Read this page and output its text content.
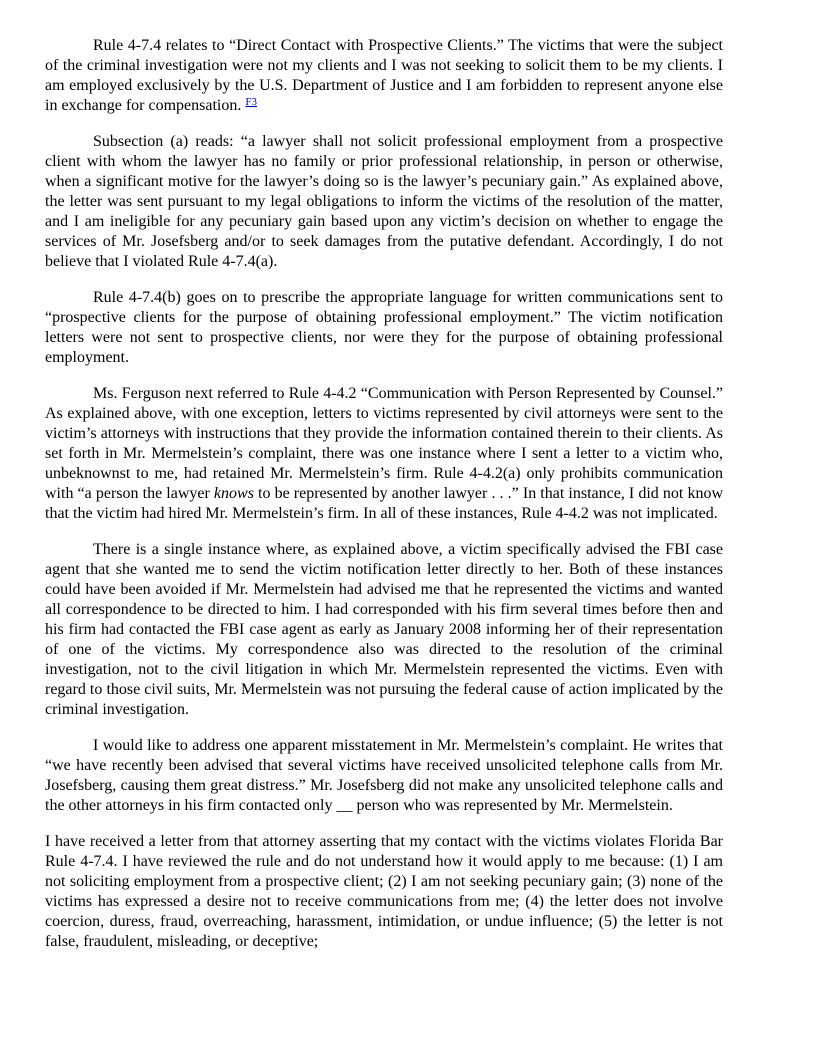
Rule 4-7.4 relates to “Direct Contact with Prospective Clients.” The victims that were the subject of the criminal investigation were not my clients and I was not seeking to solicit them to be my clients. I am employed exclusively by the U.S. Department of Justice and I am forbidden to represent anyone else in exchange for compensation. $^{F3}$

Subsection (a) reads: “a lawyer shall not solicit professional employment from a prospective client with whom the lawyer has no family or prior professional relationship, in person or otherwise, when a significant motive for the lawyer’s doing so is the lawyer’s pecuniary gain.” As explained above, the letter was sent pursuant to my legal obligations to inform the victims of the resolution of the matter, and I am ineligible for any pecuniary gain based upon any victim’s decision on whether to engage the services of Mr. Josefsberg and/or to seek damages from the putative defendant. Accordingly, I do not believe that I violated Rule 4-7.4(a).

Rule 4-7.4(b) goes on to prescribe the appropriate language for written communications sent to “prospective clients for the purpose of obtaining professional employment.” The victim notification letters were not sent to prospective clients, nor were they for the purpose of obtaining professional employment.

Ms. Ferguson next referred to Rule 4-4.2 “Communication with Person Represented by Counsel.” As explained above, with one exception, letters to victims represented by civil attorneys were sent to the victim’s attorneys with instructions that they provide the information contained therein to their clients. As set forth in Mr. Mermelstein’s complaint, there was one instance where I sent a letter to a victim who, unbeknownst to me, had retained Mr. Mermelstein’s firm. Rule 4-4.2(a) only prohibits communication with “a person the lawyer knows to be represented by another lawyer . . .” In that instance, I did not know that the victim had hired Mr. Mermelstein’s firm. In all of these instances, Rule 4-4.2 was not implicated.

There is a single instance where, as explained above, a victim specifically advised the FBI case agent that she wanted me to send the victim notification letter directly to her. Both of these instances could have been avoided if Mr. Mermelstein had advised me that he represented the victims and wanted all correspondence to be directed to him. I had corresponded with his firm several times before then and his firm had contacted the FBI case agent as early as January 2008 informing her of their representation of one of the victims. My correspondence also was directed to the resolution of the criminal investigation, not to the civil litigation in which Mr. Mermelstein represented the victims. Even with regard to those civil suits, Mr. Mermelstein was not pursuing the federal cause of action implicated by the criminal investigation.

I would like to address one apparent misstatement in Mr. Mermelstein’s complaint. He writes that “we have recently been advised that several victims have received unsolicited telephone calls from Mr. Josefsberg, causing them great distress.” Mr. Josefsberg did not make any unsolicited telephone calls and the other attorneys in his firm contacted only __ person who was represented by Mr. Mermelstein.

I have received a letter from that attorney asserting that my contact with the victims violates Florida Bar Rule 4-7.4. I have reviewed the rule and do not understand how it would apply to me because: (1) I am not soliciting employment from a prospective client; (2) I am not seeking pecuniary gain; (3) none of the victims has expressed a desire not to receive communications from me; (4) the letter does not involve coercion, duress, fraud, overreaching, harassment, intimidation, or undue influence; (5) the letter is not false, fraudulent, misleading, or deceptive;
